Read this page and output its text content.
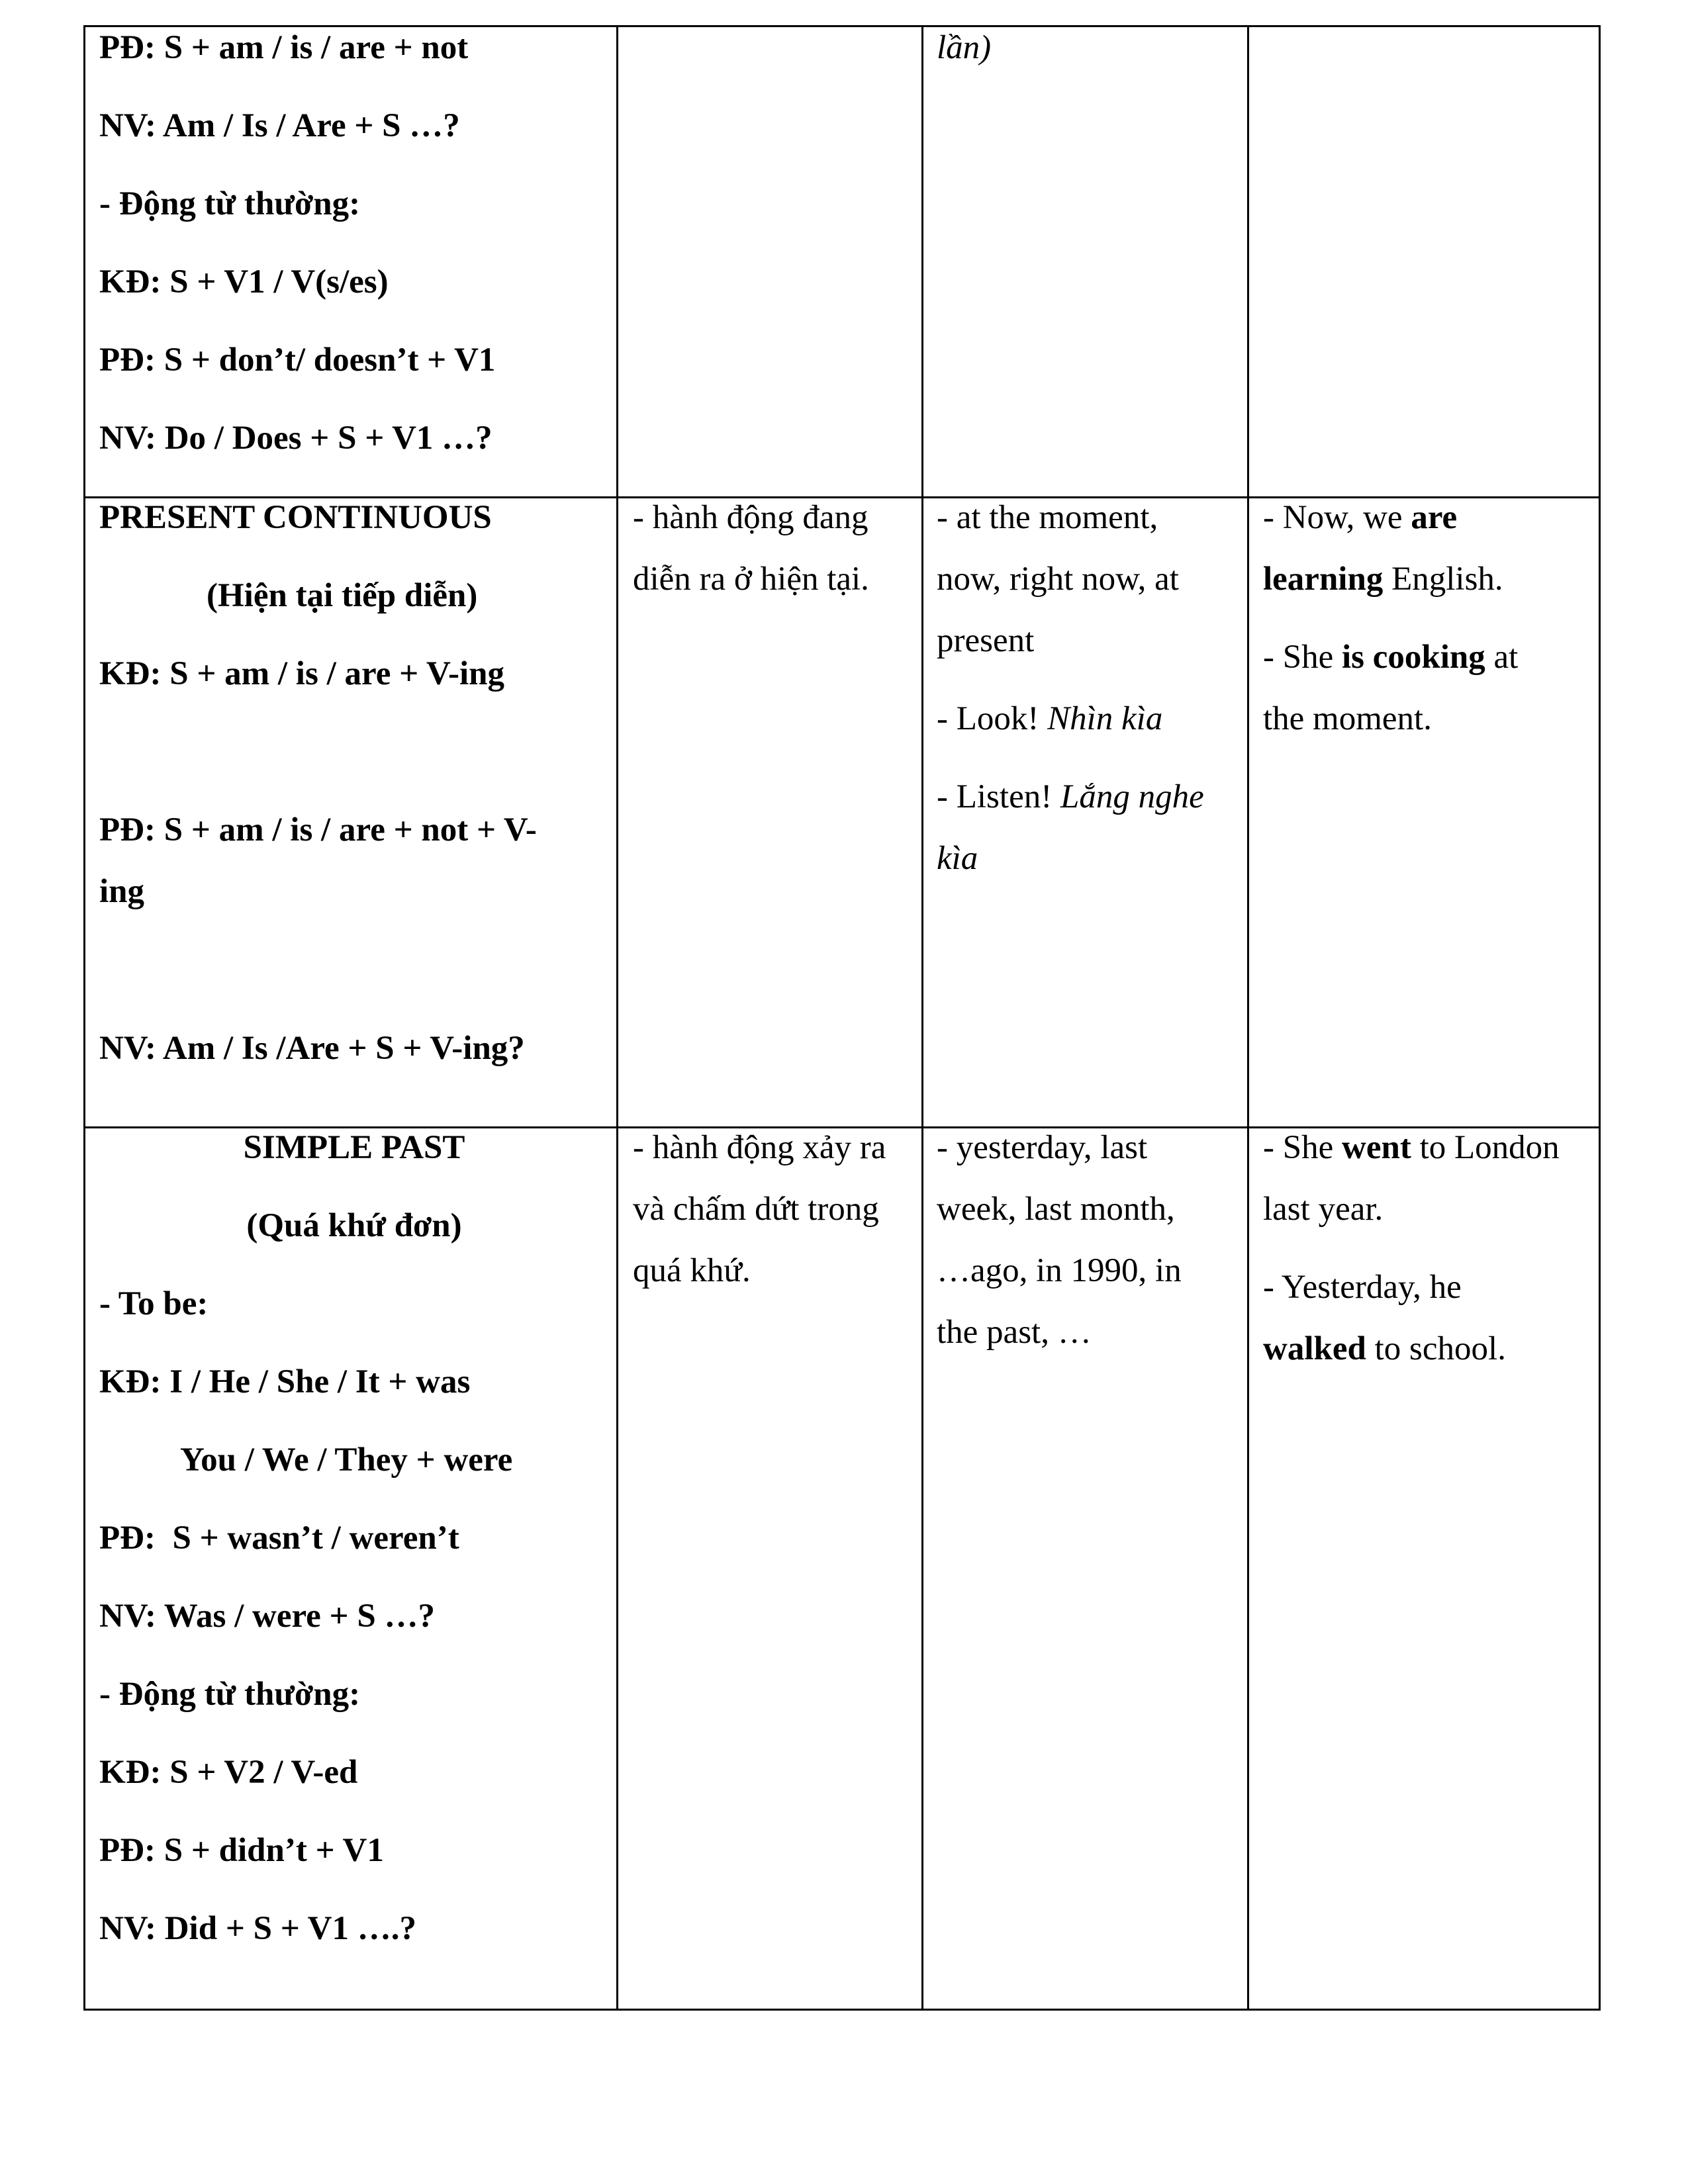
PĐ: S + am / is / are + not
NV: Am / Is / Are + S …?
- Động từ thường:
KĐ: S + V1 / V(s/es)
PĐ: S + don’t/ doesn’t + V1
NV: Do / Does + S + V1 …?
lần)
PRESENT CONTINUOUS
(Hiện tại tiếp diễn)
KĐ: S + am / is / are + V-ing
PĐ: S + am / is / are + not + V-
ing
NV: Am / Is /Are + S + V-ing?
- hành động đang
diễn ra ở hiện tại.
- at the moment,
now, right now, at
present
- Look! Nhìn kìa
- Listen! Lắng nghe
kìa
- Now, we are
learning English.
- She is cooking at
the moment.
SIMPLE PAST
(Quá khứ đơn)
- To be:
KĐ: I / He / She / It + was
You / We / They + were
PĐ:  S + wasn’t / weren’t
NV: Was / were + S …?
- Động từ thường:
KĐ: S + V2 / V-ed
PĐ: S + didn’t + V1
NV: Did + S + V1 ….?
- hành động xảy ra
và chấm dứt trong
quá khứ.
- yesterday, last
week, last month,
…ago, in 1990, in
the past, …
- She went to London
last year.
- Yesterday, he
walked to school.
